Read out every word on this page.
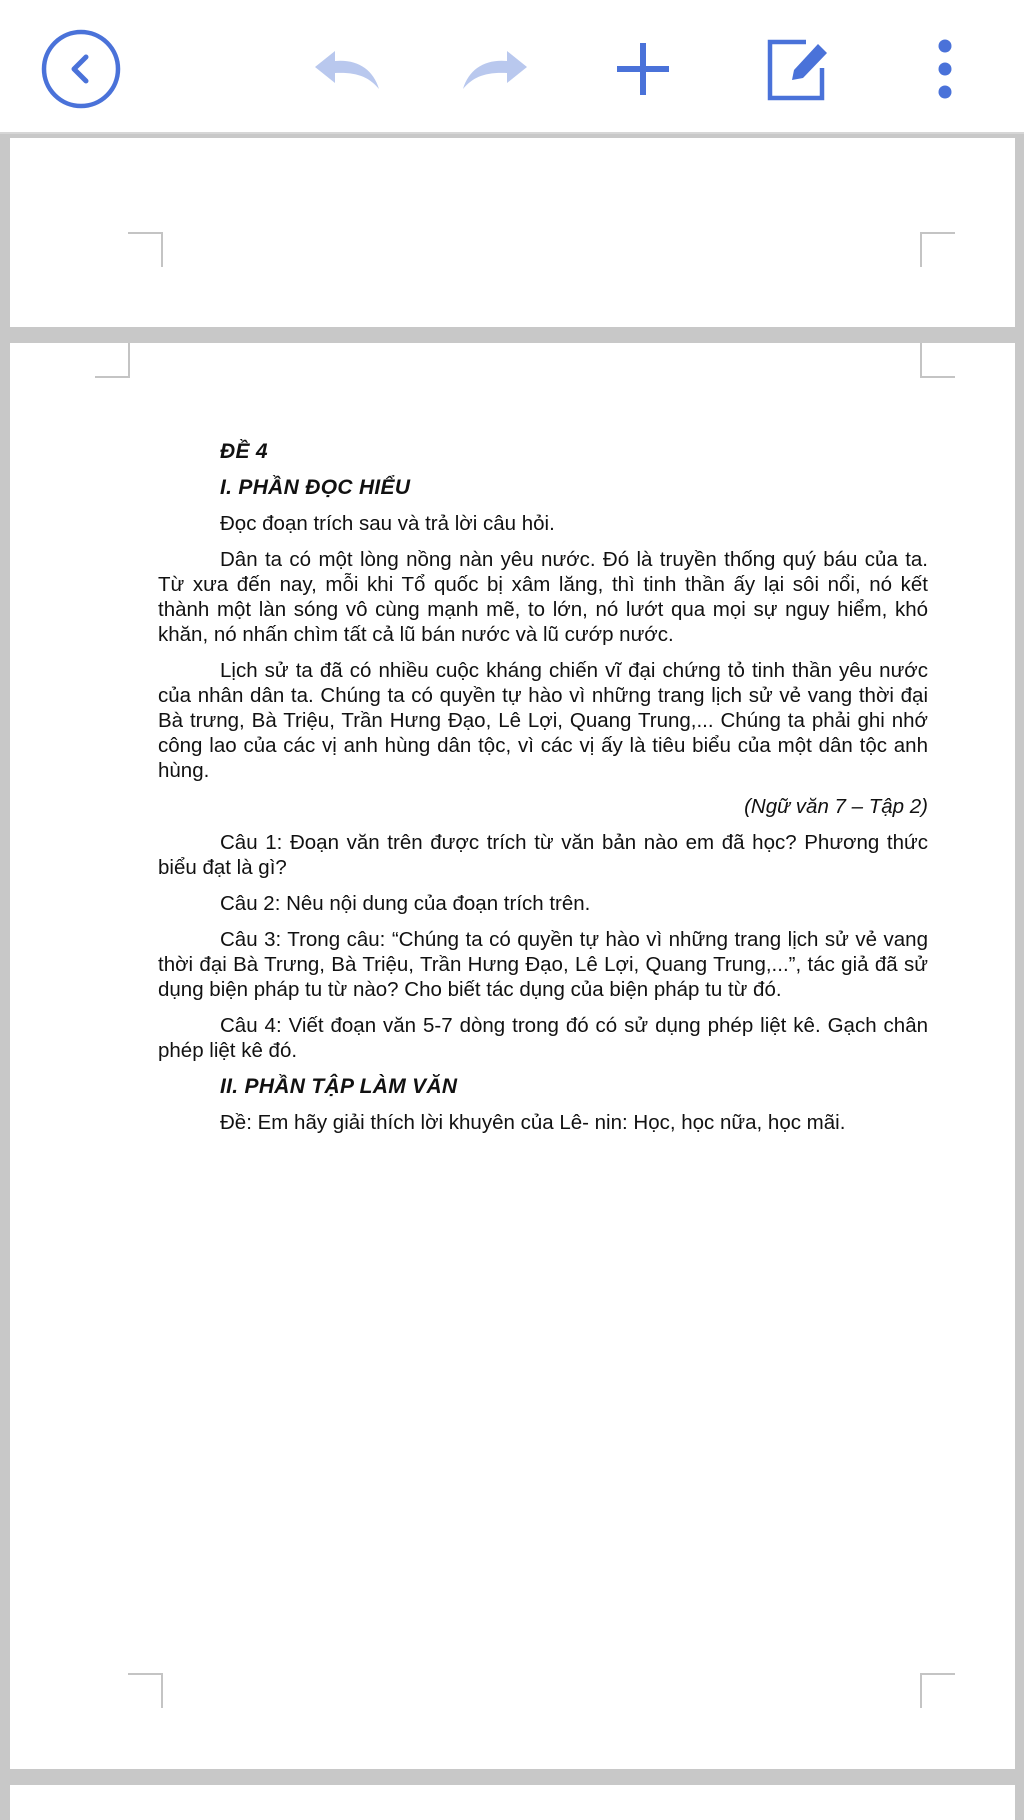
ĐỀ 4

I. PHẦN ĐỌC HIỂU

Đọc đoạn trích sau và trả lời câu hỏi.

Dân ta có một lòng nồng nàn yêu nước. Đó là truyền thống quý báu của ta. Từ xưa đến nay, mỗi khi Tổ quốc bị xâm lăng, thì tinh thần ấy lại sôi nổi, nó kết thành một làn sóng vô cùng mạnh mẽ, to lớn, nó lướt qua mọi sự nguy hiểm, khó khăn, nó nhấn chìm tất cả lũ bán nước và lũ cướp nước.

Lịch sử ta đã có nhiều cuộc kháng chiến vĩ đại chứng tỏ tinh thần yêu nước của nhân dân ta. Chúng ta có quyền tự hào vì những trang lịch sử vẻ vang thời đại Bà trưng, Bà Triệu, Trần Hưng Đạo, Lê Lợi, Quang Trung,... Chúng ta phải ghi nhớ công lao của các vị anh hùng dân tộc, vì các vị ấy là tiêu biểu của một dân tộc anh hùng.

(Ngữ văn 7 – Tập 2)

Câu 1: Đoạn văn trên được trích từ văn bản nào em đã học? Phương thức biểu đạt là gì?

Câu 2: Nêu nội dung của đoạn trích trên.

Câu 3: Trong câu: “Chúng ta có quyền tự hào vì những trang lịch sử vẻ vang thời đại Bà Trưng, Bà Triệu, Trần Hưng Đạo, Lê Lợi, Quang Trung,...”, tác giả đã sử dụng biện pháp tu từ nào? Cho biết tác dụng của biện pháp tu từ đó.

Câu 4: Viết đoạn văn 5-7 dòng trong đó có sử dụng phép liệt kê. Gạch chân phép liệt kê đó.

II. PHẦN TẬP LÀM VĂN

Đề: Em hãy giải thích lời khuyên của Lê- nin: Học, học nữa, học mãi.
